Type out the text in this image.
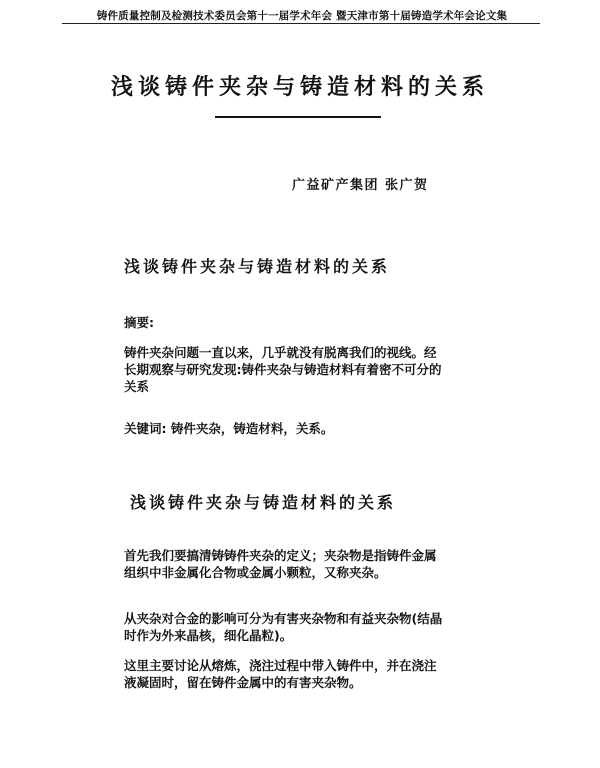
铸件质量控制及检测技术委员会第十一届学术年会 暨天津市第十届铸造学术年会论文集
浅谈铸件夹杂与铸造材料的关系
广益矿产集团 张广贺
浅谈铸件夹杂与铸造材料的关系
摘要:

铸件夹杂问题一直以来，几乎就没有脱离我们的视线。经
长期观察与研究发现:铸件夹杂与铸造材料有着密不可分的
关系

关键词: 铸件夹杂，铸造材料，关系。

浅谈铸件夹杂与铸造材料的关系

首先我们要搞清铸铸件夹杂的定义；夹杂物是指铸件金属
组织中非金属化合物或金属小颗粒，又称夹杂。

从夹杂对合金的影响可分为有害夹杂物和有益夹杂物(结晶
时作为外来晶核，细化晶粒)。

这里主要讨论从熔炼，浇注过程中带入铸件中，并在浇注
液凝固时，留在铸件金属中的有害夹杂物。
